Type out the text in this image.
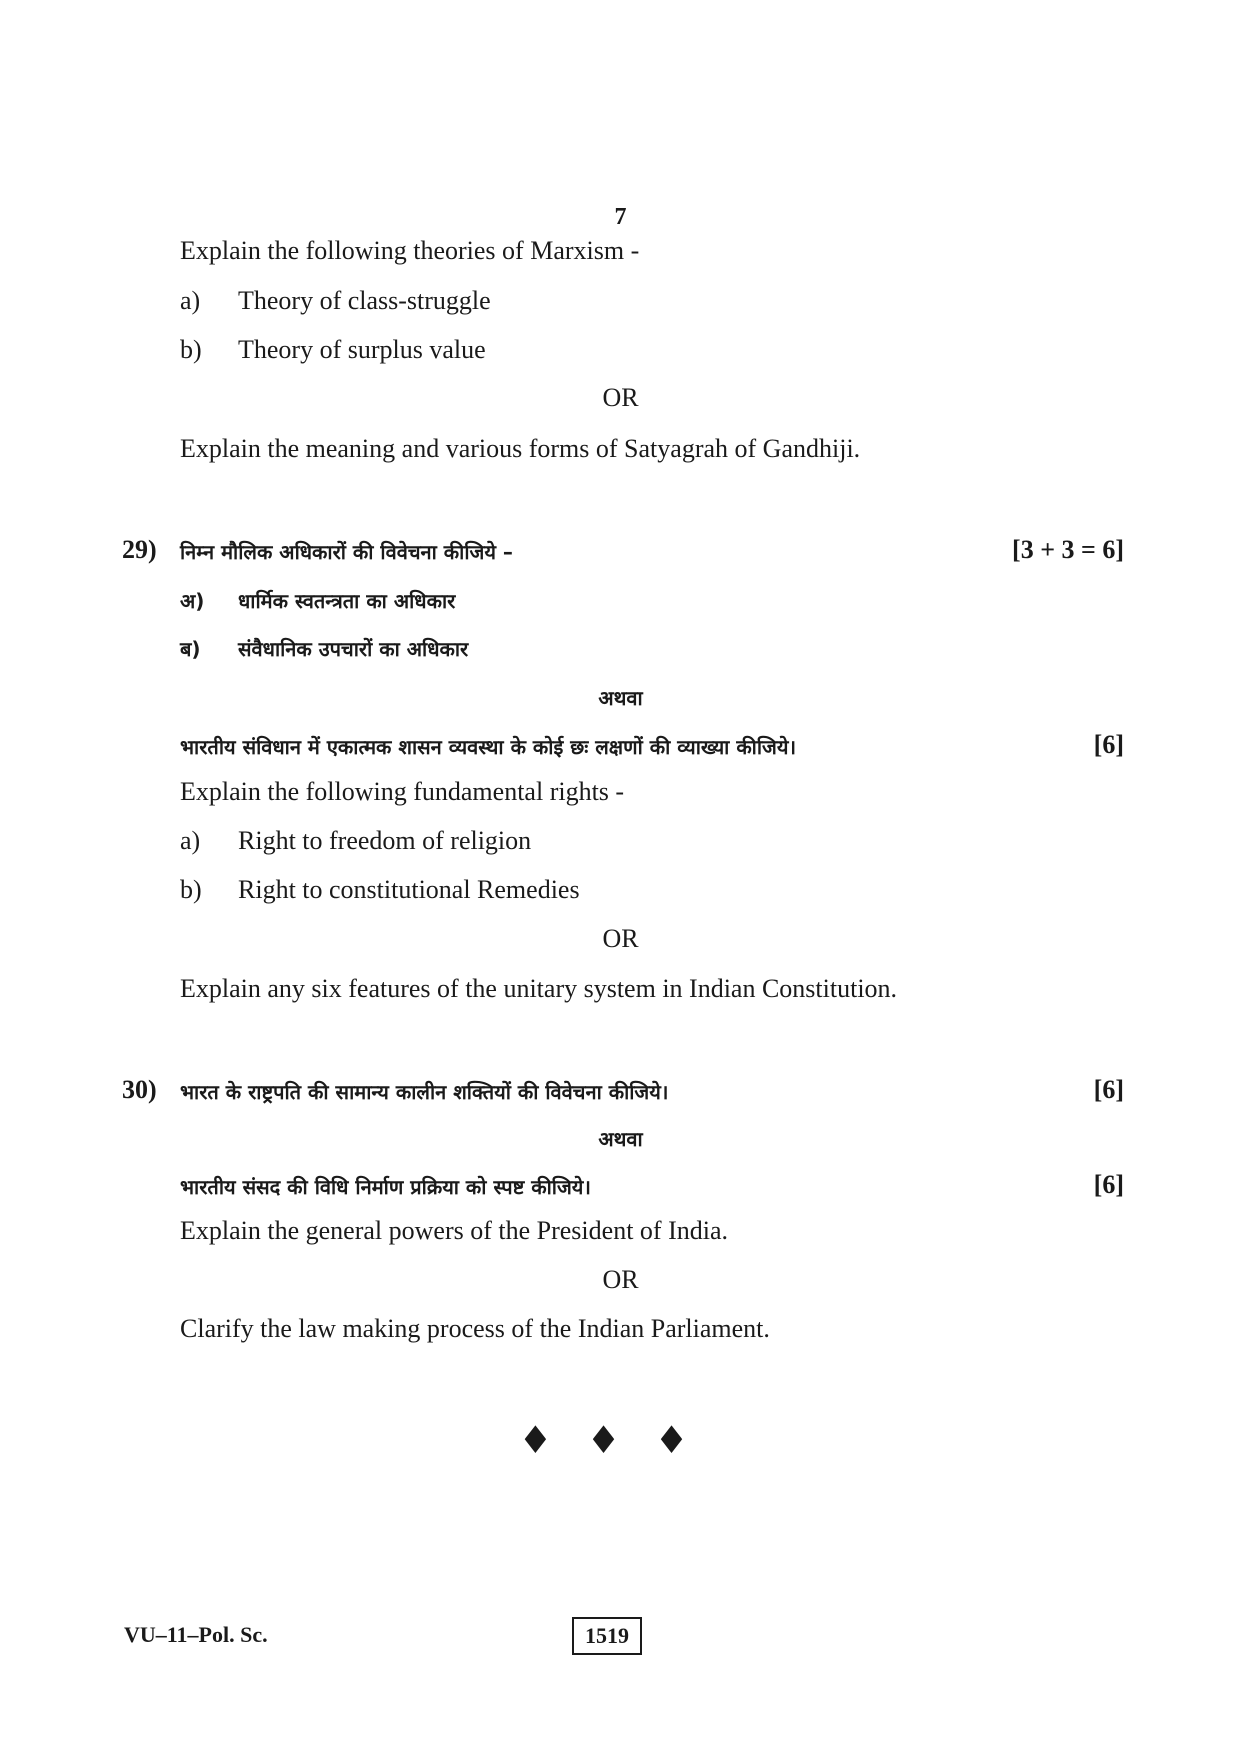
7
Explain the following theories of Marxism -
a) Theory of class-struggle
b) Theory of surplus value
OR
Explain the meaning and various forms of Satyagrah of Gandhiji.
29) निम्न मौलिक अधिकारों की विवेचना कीजिये –	[3 + 3 = 6]
अ) धार्मिक स्वतन्त्रता का अधिकार
ब) संवैधानिक उपचारों का अधिकार
अथवा
भारतीय संविधान में एकात्मक शासन व्यवस्था के कोई छः लक्षणों की व्याख्या कीजिये।	[6]
Explain the following fundamental rights -
a) Right to freedom of religion
b) Right to constitutional Remedies
OR
Explain any six features of the unitary system in Indian Constitution.
30) भारत के राष्ट्रपति की सामान्य कालीन शक्तियों की विवेचना कीजिये।	[6]
अथवा
भारतीय संसद की विधि निर्माण प्रक्रिया को स्पष्ट कीजिये।	[6]
Explain the general powers of the President of India.
OR
Clarify the law making process of the Indian Parliament.
♦♦♦
VU–11–Pol. Sc.	1519
